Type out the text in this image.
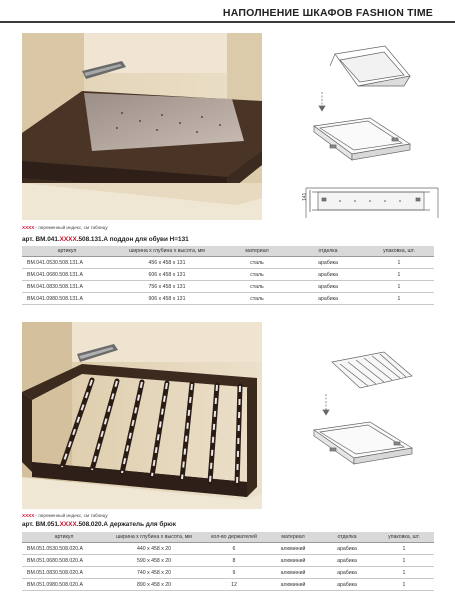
НАПОЛНЕНИЕ ШКАФОВ FASHION TIME
141
XXXX - переменный индекс, см таблицу
арт. ВМ.041.XXXX.508.131.А поддон для обуви H=131
артикул	ширина х глубина х высота, мм	материал	отделка	упаковка, шт.
ВМ.041.0530.508.131.А	456 x 458 x 131	сталь	арабика	1
ВМ.041.0680.508.131.А	606 x 458 x 131	сталь	арабика	1
ВМ.041.0830.508.131.А	756 x 458 x 131	сталь	арабика	1
ВМ.041.0980.508.131.А	906 x 458 x 131	сталь	арабика	1
XXXX - переменный индекс, см таблицу
арт. ВМ.051.XXXX.508.020.А держатель для брюк
артикул	ширина х глубина х высота, мм	кол-во держателей	материал	отделка	упаковка, шт.
ВМ.051.0530.508.020.А	440 x 458 x 20	6	алюминий	арабика	1
ВМ.051.0680.508.020.А	590 x 458 x 20	8	алюминий	арабика	1
ВМ.051.0830.508.020.А	740 x 458 x 20	9	алюминий	арабика	1
ВМ.051.0980.508.020.А	890 x 458 x 20	12	алюминий	арабика	1
